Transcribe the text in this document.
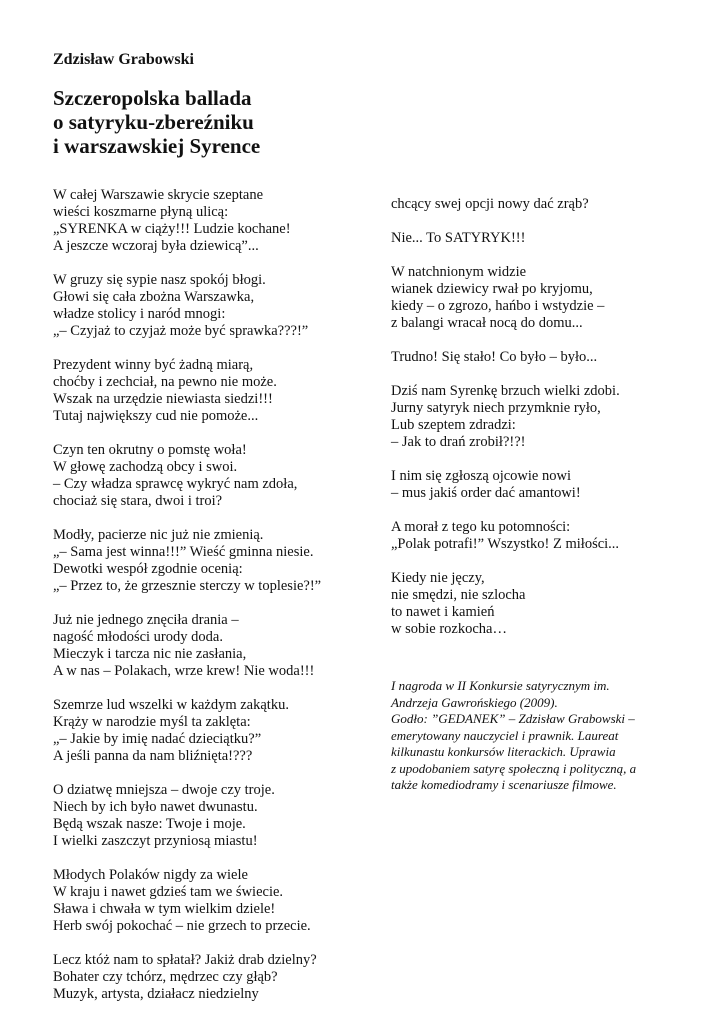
Zdzisław Grabowski

Szczeropolska ballada
o satyryku-zbereźniku
i warszawskiej Syrence
W całej Warszawie skrycie szeptane
wieści koszmarne płyną ulicą:
„SYRENKA w ciąży!!! Ludzie kochane!
A jeszcze wczoraj była dziewicą”...
W gruzy się sypie nasz spokój błogi.
Głowi się cała zbożna Warszawka,
władze stolicy i naród mnogi:
„– Czyjaż to czyjaż może być sprawka???!”
Prezydent winny być żadną miarą,
choćby i zechciał, na pewno nie może.
Wszak na urzędzie niewiasta siedzi!!!
Tutaj największy cud nie pomoże...
Czyn ten okrutny o pomstę woła!
W głowę zachodzą obcy i swoi.
– Czy władza sprawcę wykryć nam zdoła,
chociaż się stara, dwoi i troi?
Modły, pacierze nic już nie zmienią.
„– Sama jest winna!!!” Wieść gminna niesie.
Dewotki wespół zgodnie ocenią:
„– Przez to, że grzesznie sterczy w toplesie?!”
Już nie jednego znęciła drania –
nagość młodości urody doda.
Mieczyk i tarcza nic nie zasłania,
A w nas – Polakach, wrze krew! Nie woda!!!
Szemrze lud wszelki w każdym zakątku.
Krąży w narodzie myśl ta zaklęta:
„– Jakie by imię nadać dzieciątku?”
A jeśli panna da nam bliźnięta!???
O dziatwę mniejsza – dwoje czy troje.
Niech by ich było nawet dwunastu.
Będą wszak nasze: Twoje i moje.
I wielki zaszczyt przyniosą miastu!
Młodych Polaków nigdy za wiele
W kraju i nawet gdzieś tam we świecie.
Sława i chwała w tym wielkim dziele!
Herb swój pokochać – nie grzech to przecie.
Lecz któż nam to spłatał? Jakiż drab dzielny?
Bohater czy tchórz, mędrzec czy głąb?
Muzyk, artysta, działacz niedzielny
chcący swej opcji nowy dać zrąb?
Nie... To SATYRYK!!!
W natchnionym widzie
wianek dziewicy rwał po kryjomu,
kiedy – o zgrozo, hańbo i wstydzie –
z balangi wracał nocą do domu...
Trudno! Się stało! Co było – było...
Dziś nam Syrenkę brzuch wielki zdobi.
Jurny satyryk niech przymknie ryło,
Lub szeptem zdradzi:
– Jak to drań zrobił?!?!
I nim się zgłoszą ojcowie nowi
– mus jakiś order dać amantowi!
A morał z tego ku potomności:
„Polak potrafi!” Wszystko! Z miłości...
Kiedy nie jęczy,
nie smędzi, nie szlocha
to nawet i kamień
w sobie rozkocha…
I nagroda w II Konkursie satyrycznym im.
Andrzeja Gawrońskiego (2009).
Godło: ”GEDANEK” – Zdzisław Grabowski –
emerytowany nauczyciel i prawnik. Laureat
kilkunastu konkursów literackich. Uprawia
z upodobaniem satyrę społeczną i polityczną, a
także komediodramy i scenariusze filmowe.
